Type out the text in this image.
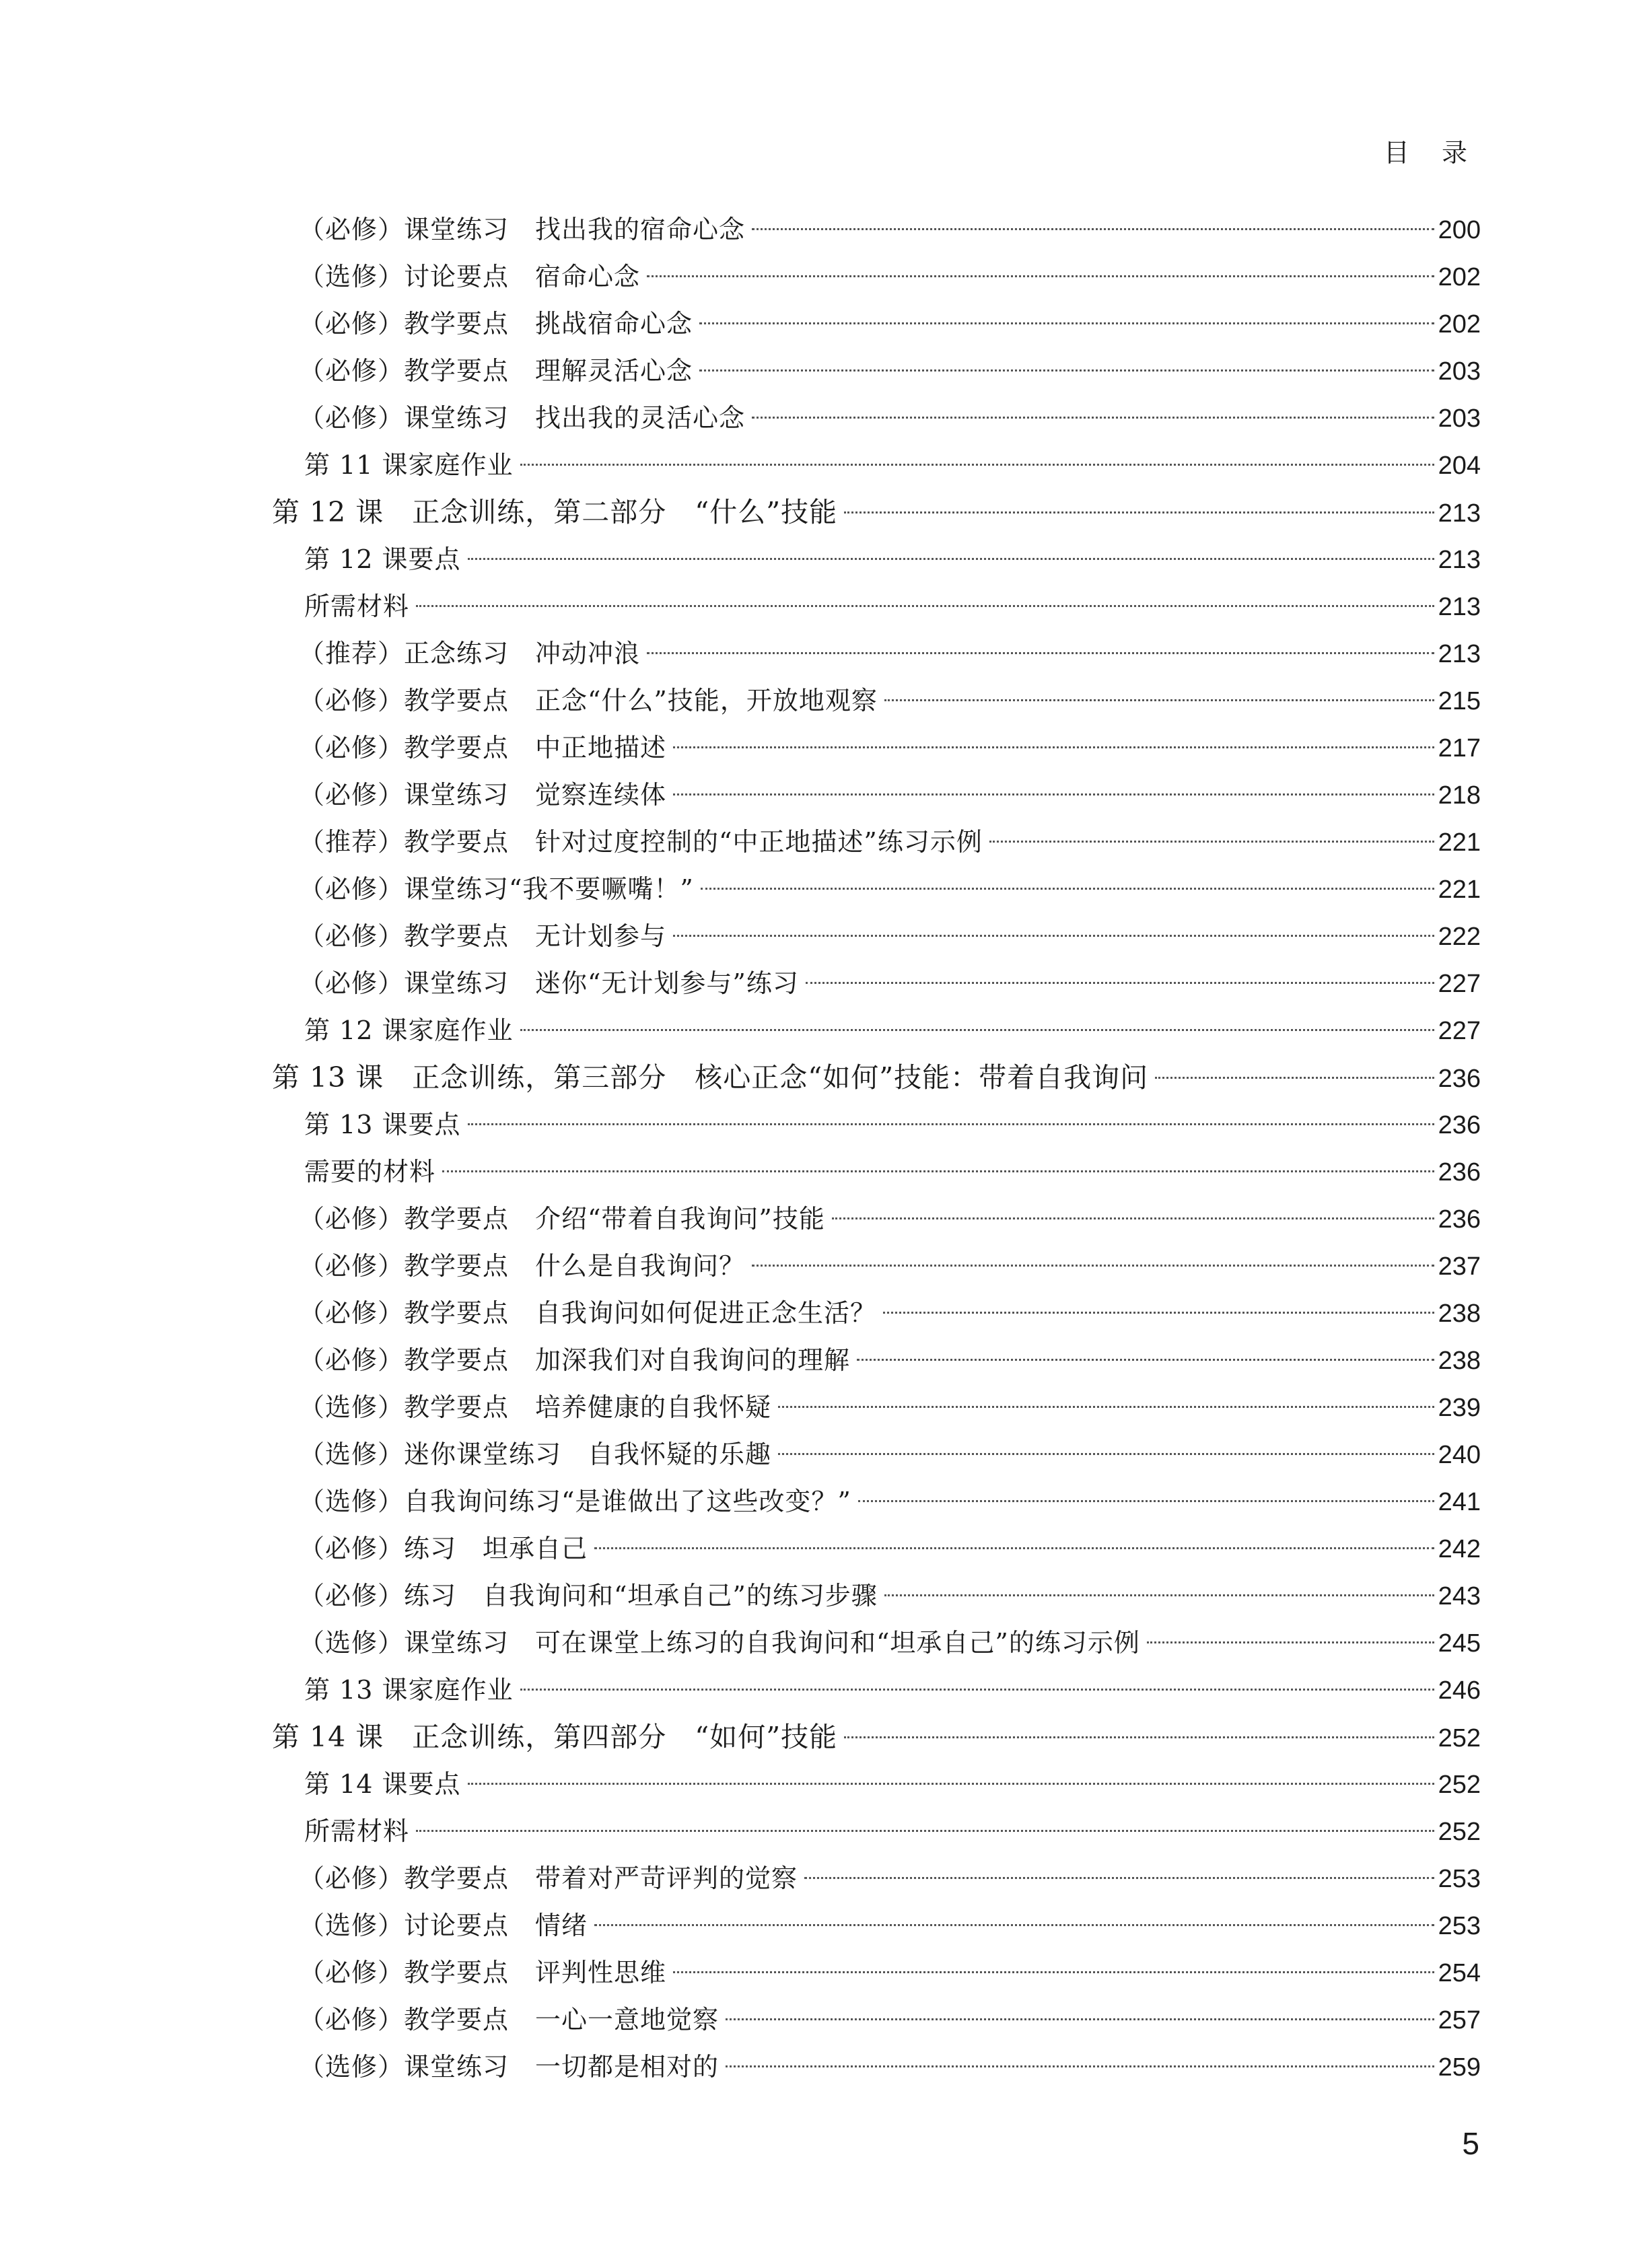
目 录
（必修）课堂练习　找出我的宿命心念	200
（选修）讨论要点　宿命心念	202
（必修）教学要点　挑战宿命心念	202
（必修）教学要点　理解灵活心念	203
（必修）课堂练习　找出我的灵活心念	203
第 11 课家庭作业	204
第 12 课　正念训练，第二部分　“什么”技能	213
第 12 课要点	213
所需材料	213
（推荐）正念练习　冲动冲浪	213
（必修）教学要点　正念“什么”技能，开放地观察	215
（必修）教学要点　中正地描述	217
（必修）课堂练习　觉察连续体	218
（推荐）教学要点　针对过度控制的“中正地描述”练习示例	221
（必修）课堂练习“我不要噘嘴！”	221
（必修）教学要点　无计划参与	222
（必修）课堂练习　迷你“无计划参与”练习	227
第 12 课家庭作业	227
第 13 课　正念训练，第三部分　核心正念“如何”技能：带着自我询问	236
第 13 课要点	236
需要的材料	236
（必修）教学要点　介绍“带着自我询问”技能	236
（必修）教学要点　什么是自我询问？	237
（必修）教学要点　自我询问如何促进正念生活？	238
（必修）教学要点　加深我们对自我询问的理解	238
（选修）教学要点　培养健康的自我怀疑	239
（选修）迷你课堂练习　自我怀疑的乐趣	240
（选修）自我询问练习“是谁做出了这些改变？”	241
（必修）练习　坦承自己	242
（必修）练习　自我询问和“坦承自己”的练习步骤	243
（选修）课堂练习　可在课堂上练习的自我询问和“坦承自己”的练习示例	245
第 13 课家庭作业	246
第 14 课　正念训练，第四部分　“如何”技能	252
第 14 课要点	252
所需材料	252
（必修）教学要点　带着对严苛评判的觉察	253
（选修）讨论要点　情绪	253
（必修）教学要点　评判性思维	254
（必修）教学要点　一心一意地觉察	257
（选修）课堂练习　一切都是相对的	259
5
